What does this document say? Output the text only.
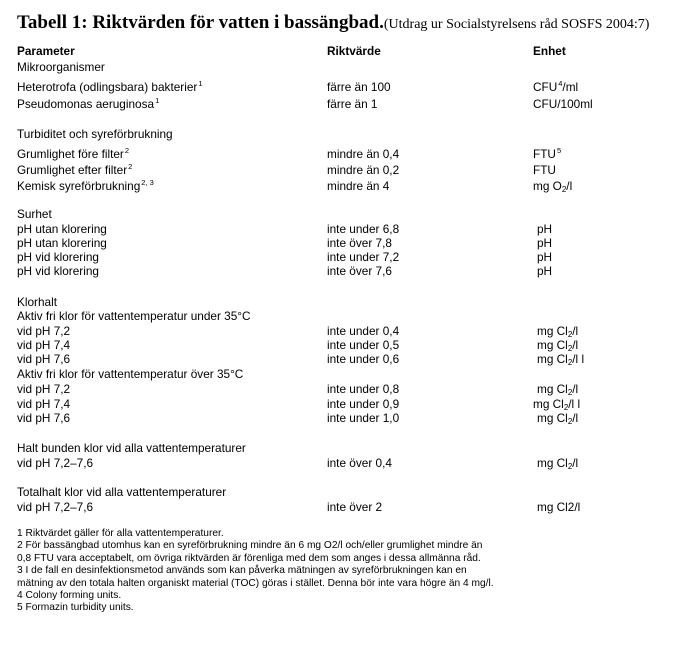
Tabell 1: Riktvärden för vatten i bassängbad.(Utdrag ur Socialstyrelsens råd SOSFS 2004:7)
Parameter	Riktvärde	Enhet
Mikroorganismer
Heterotrofa (odlingsbara) bakterier$^1$	färre än 100	CFU$^4$/ml
Pseudomonas aeruginosa$^1$	färre än 1	CFU/100ml
Turbiditet och syreförbrukning
Grumlighet före filter$^2$	mindre än 0,4	FTU$^5$
Grumlighet efter filter$^2$	mindre än 0,2	FTU
Kemisk syreförbrukning$^{2, 3}$	mindre än 4	mg $O_2/l$
Surhet
pH utan klorering	inte under 6,8	pH
pH utan klorering	inte över 7,8	pH
pH vid klorering	inte under 7,2	pH
pH vid klorering	inte över 7,6	pH
Klorhalt
Aktiv fri klor för vattentemperatur under 35°C
vid pH 7,2	inte under 0,4	mg $Cl_2/l$
vid pH 7,4	inte under 0,5	mg $Cl_2/l$
vid pH 7,6	inte under 0,6	mg $Cl_2/l$ l
Aktiv fri klor för vattentemperatur över 35°C
vid pH 7,2	inte under 0,8	mg $Cl_2/l$
vid pH 7,4	inte under 0,9	mg $Cl_2/l$ l
vid pH 7,6	inte under 1,0	mg $Cl_2/l$
Halt bunden klor vid alla vattentemperaturer
vid pH 7,2–7,6	inte över 0,4	mg $Cl_2/l$
Totalhalt klor vid alla vattentemperaturer
vid pH 7,2–7,6	inte över 2	mg Cl2/l
1 Riktvärdet gäller för alla vattentemperaturer.
2 För bassängbad utomhus kan en syreförbrukning mindre än 6 mg O2/l och/eller grumlighet mindre än 0,8 FTU vara acceptabelt, om övriga riktvärden är förenliga med dem som anges i dessa allmänna råd.
3 I de fall en desinfektionsmetod används som kan påverka mätningen av syreförbrukningen kan en mätning av den totala halten organiskt material (TOC) göras i stället. Denna bör inte vara högre än 4 mg/l.
4 Colony forming units.
5 Formazin turbidity units.
